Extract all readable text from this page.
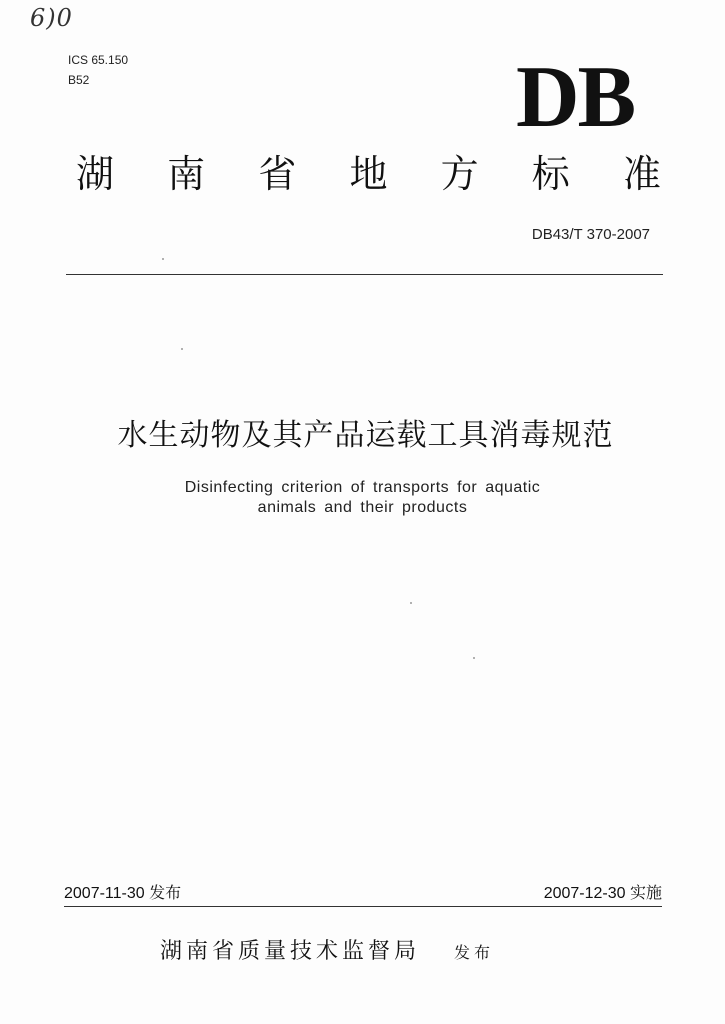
6)0
ICS 65.150
B52	DB
湖 南 省 地 方 标 准
DB43/T 370-2007
水生动物及其产品运载工具消毒规范
Disinfecting criterion of transports for aquatic
animals and their products
2007-11-30 发布	2007-12-30 实施
湖南省质量技术监督局 发布
